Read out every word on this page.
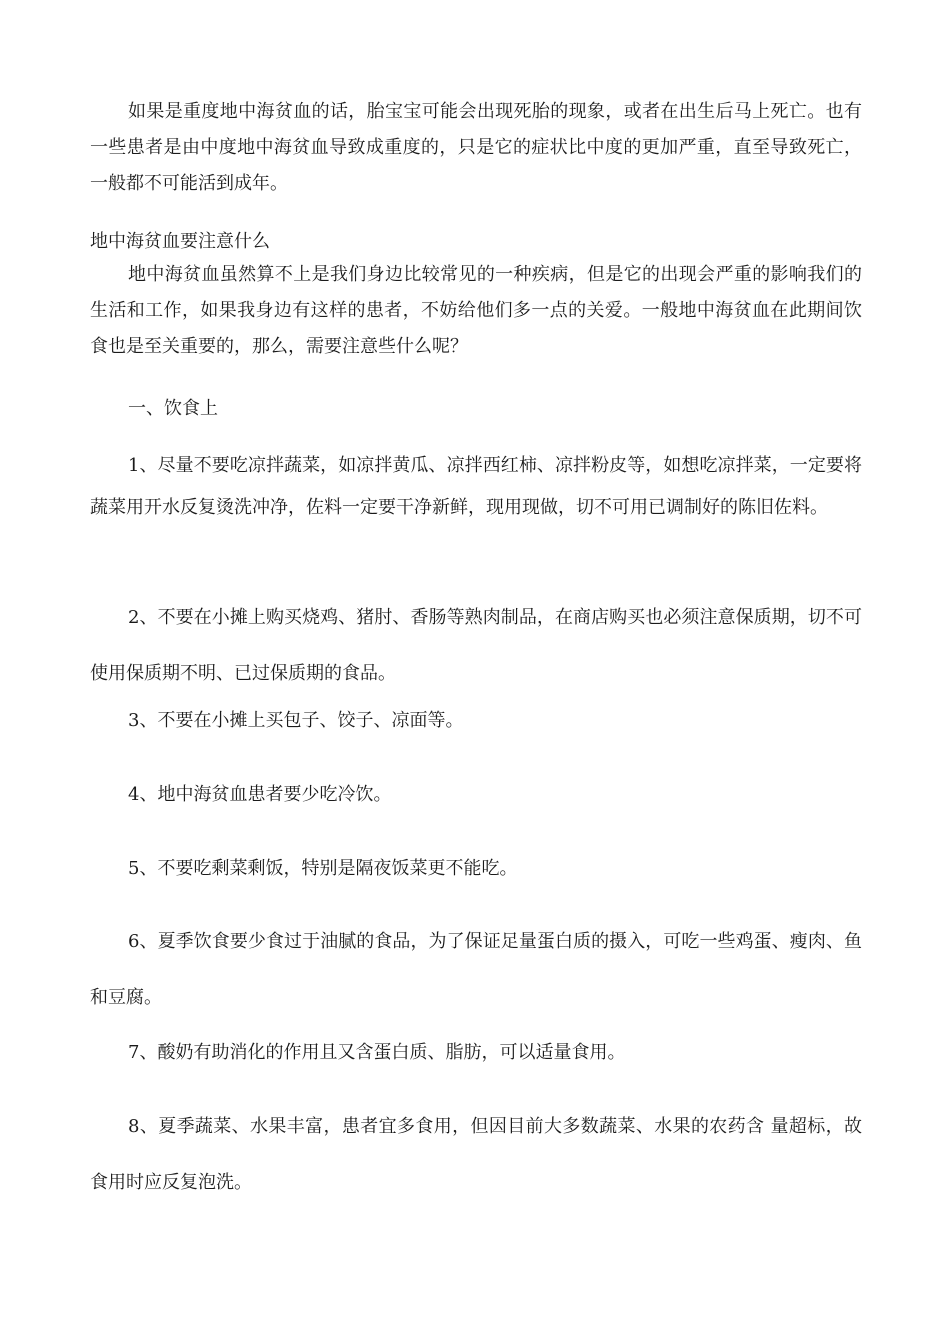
如果是重度地中海贫血的话，胎宝宝可能会出现死胎的现象，或者在出生后马上死亡。也有一些患者是由中度地中海贫血导致成重度的，只是它的症状比中度的更加严重，直至导致死亡，一般都不可能活到成年。

地中海贫血要注意什么

地中海贫血虽然算不上是我们身边比较常见的一种疾病，但是它的出现会严重的影响我们的生活和工作，如果我身边有这样的患者，不妨给他们多一点的关爱。一般地中海贫血在此期间饮食也是至关重要的，那么，需要注意些什么呢？

一、饮食上

1、尽量不要吃凉拌蔬菜，如凉拌黄瓜、凉拌西红柿、凉拌粉皮等，如想吃凉拌菜，一定要将蔬菜用开水反复烫洗冲净，佐料一定要干净新鲜，现用现做，切不可用已调制好的陈旧佐料。

2、不要在小摊上购买烧鸡、猪肘、香肠等熟肉制品，在商店购买也必须注意保质期，切不可使用保质期不明、已过保质期的食品。

3、不要在小摊上买包子、饺子、凉面等。

4、地中海贫血患者要少吃冷饮。

5、不要吃剩菜剩饭，特别是隔夜饭菜更不能吃。

6、夏季饮食要少食过于油腻的食品，为了保证足量蛋白质的摄入，可吃一些鸡蛋、瘦肉、鱼和豆腐。

7、酸奶有助消化的作用且又含蛋白质、脂肪，可以适量食用。

8、夏季蔬菜、水果丰富，患者宜多食用，但因目前大多数蔬菜、水果的农药含 量超标，故食用时应反复泡洗。
